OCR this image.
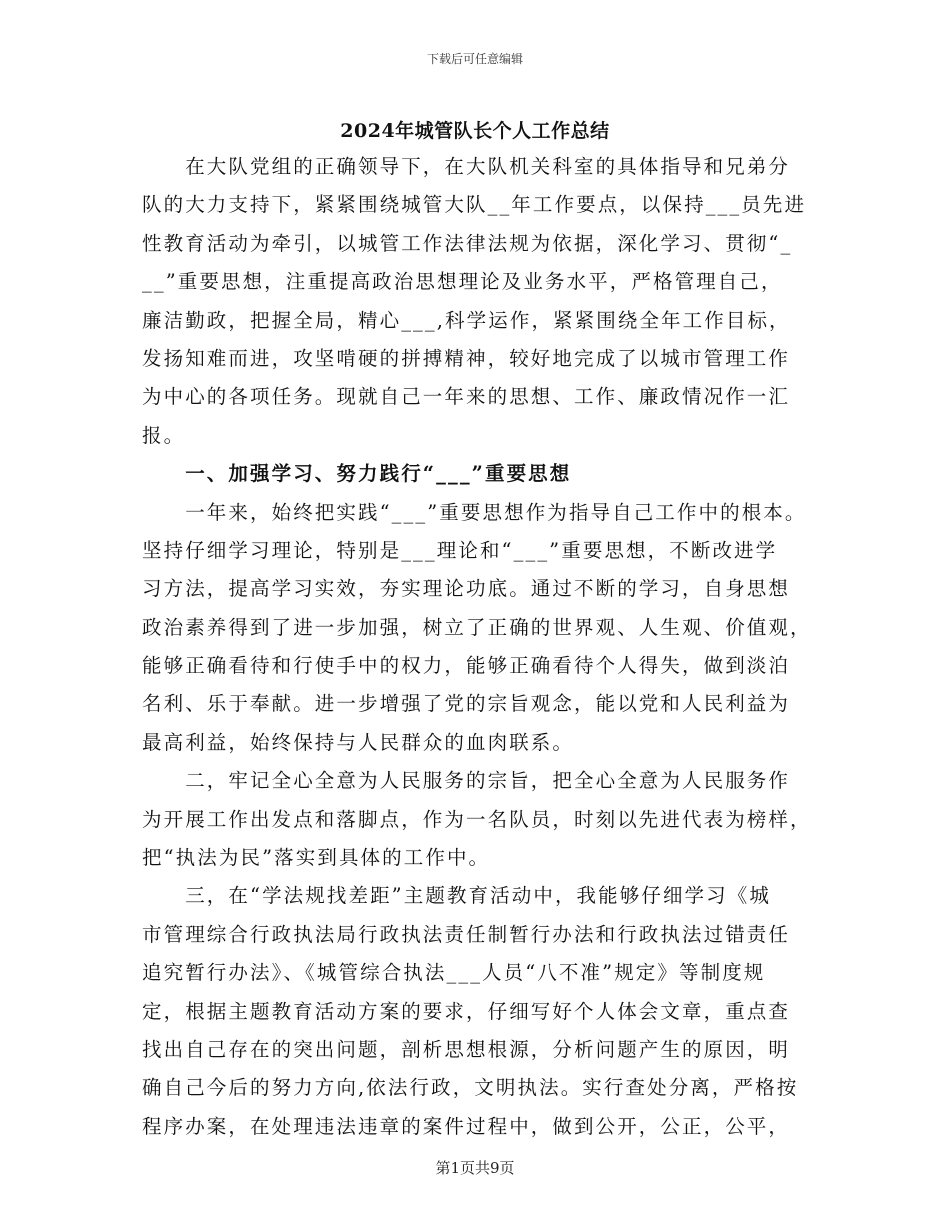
下载后可任意编辑
2024年城管队长个人工作总结
　　在大队党组的正确领导下，在大队机关科室的具体指导和兄弟分
队的大力支持下，紧紧围绕城管大队__年工作要点，以保持___员先进
性教育活动为牵引，以城管工作法律法规为依据，深化学习、贯彻“_
__”重要思想，注重提高政治思想理论及业务水平，严格管理自己，
廉洁勤政，把握全局，精心___,科学运作，紧紧围绕全年工作目标，
发扬知难而进，攻坚啃硬的拼搏精神，较好地完成了以城市管理工作
为中心的各项任务。现就自己一年来的思想、工作、廉政情况作一汇
报。
　　一、加强学习、努力践行“___”重要思想
　　一年来，始终把实践“___”重要思想作为指导自己工作中的根本。
坚持仔细学习理论，特别是___理论和“___”重要思想，不断改进学
习方法，提高学习实效，夯实理论功底。通过不断的学习，自身思想
政治素养得到了进一步加强，树立了正确的世界观、人生观、价值观，
能够正确看待和行使手中的权力，能够正确看待个人得失，做到淡泊
名利、乐于奉献。进一步增强了党的宗旨观念，能以党和人民利益为
最高利益，始终保持与人民群众的血肉联系。
　　二，牢记全心全意为人民服务的宗旨，把全心全意为人民服务作
为开展工作出发点和落脚点，作为一名队员，时刻以先进代表为榜样，
把“执法为民”落实到具体的工作中。
　　三，在“学法规找差距”主题教育活动中，我能够仔细学习《城
市管理综合行政执法局行政执法责任制暂行办法和行政执法过错责任
追究暂行办法》、《城管综合执法___人员“八不准”规定》等制度规
定，根据主题教育活动方案的要求，仔细写好个人体会文章，重点查
找出自己存在的突出问题，剖析思想根源，分析问题产生的原因，明
确自己今后的努力方向,依法行政，文明执法。实行查处分离，严格按
程序办案，在处理违法违章的案件过程中，做到公开，公正，公平，
第1页共9页
